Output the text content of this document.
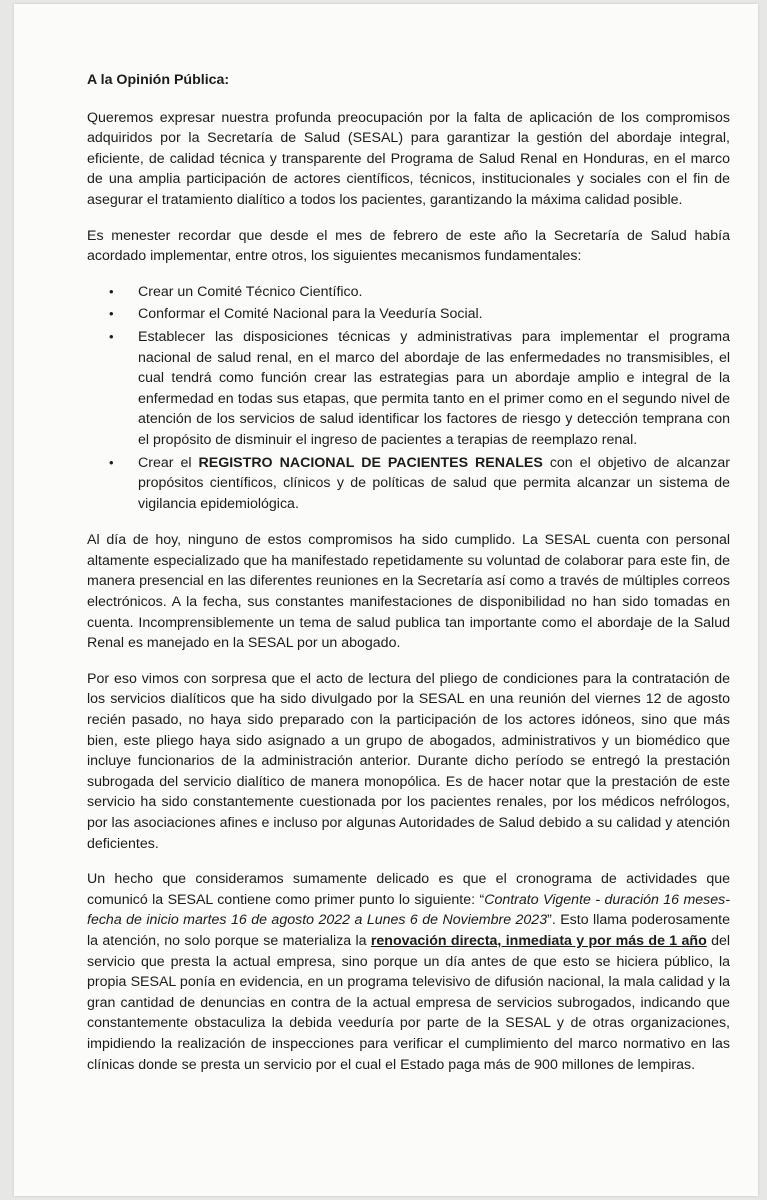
A la Opinión Pública:

Queremos expresar nuestra profunda preocupación por la falta de aplicación de los compromisos adquiridos por la Secretaría de Salud (SESAL) para garantizar la gestión del abordaje integral, eficiente, de calidad técnica y transparente del Programa de Salud Renal en Honduras, en el marco de una amplia participación de actores científicos, técnicos, institucionales y sociales con el fin de asegurar el tratamiento dialítico a todos los pacientes, garantizando la máxima calidad posible.

Es menester recordar que desde el mes de febrero de este año la Secretaría de Salud había acordado implementar, entre otros, los siguientes mecanismos fundamentales:

• Crear un Comité Técnico Científico.
• Conformar el Comité Nacional para la Veeduría Social.
• Establecer las disposiciones técnicas y administrativas para implementar el programa nacional de salud renal, en el marco del abordaje de las enfermedades no transmisibles, el cual tendrá como función crear las estrategias para un abordaje amplio e integral de la enfermedad en todas sus etapas, que permita tanto en el primer como en el segundo nivel de atención de los servicios de salud identificar los factores de riesgo y detección temprana con el propósito de disminuir el ingreso de pacientes a terapias de reemplazo renal.
• Crear el REGISTRO NACIONAL DE PACIENTES RENALES con el objetivo de alcanzar propósitos científicos, clínicos y de políticas de salud que permita alcanzar un sistema de vigilancia epidemiológica.

Al día de hoy, ninguno de estos compromisos ha sido cumplido. La SESAL cuenta con personal altamente especializado que ha manifestado repetidamente su voluntad de colaborar para este fin, de manera presencial en las diferentes reuniones en la Secretaría así como a través de múltiples correos electrónicos. A la fecha, sus constantes manifestaciones de disponibilidad no han sido tomadas en cuenta. Incomprensiblemente un tema de salud publica tan importante como el abordaje de la Salud Renal es manejado en la SESAL por un abogado.

Por eso vimos con sorpresa que el acto de lectura del pliego de condiciones para la contratación de los servicios dialíticos que ha sido divulgado por la SESAL en una reunión del viernes 12 de agosto recién pasado, no haya sido preparado con la participación de los actores idóneos, sino que más bien, este pliego haya sido asignado a un grupo de abogados, administrativos y un biomédico que incluye funcionarios de la administración anterior. Durante dicho período se entregó la prestación subrogada del servicio dialítico de manera monopólica. Es de hacer notar que la prestación de este servicio ha sido constantemente cuestionada por los pacientes renales, por los médicos nefrólogos, por las asociaciones afines e incluso por algunas Autoridades de Salud debido a su calidad y atención deficientes.

Un hecho que consideramos sumamente delicado es que el cronograma de actividades que comunicó la SESAL contiene como primer punto lo siguiente: “Contrato Vigente - duración 16 meses- fecha de inicio martes 16 de agosto 2022 a Lunes 6 de Noviembre 2023”. Esto llama poderosamente la atención, no solo porque se materializa la renovación directa, inmediata y por más de 1 año del servicio que presta la actual empresa, sino porque un día antes de que esto se hiciera público, la propia SESAL ponía en evidencia, en un programa televisivo de difusión nacional, la mala calidad y la gran cantidad de denuncias en contra de la actual empresa de servicios subrogados, indicando que constantemente obstaculiza la debida veeduría por parte de la SESAL y de otras organizaciones, impidiendo la realización de inspecciones para verificar el cumplimiento del marco normativo en las clínicas donde se presta un servicio por el cual el Estado paga más de 900 millones de lempiras.
